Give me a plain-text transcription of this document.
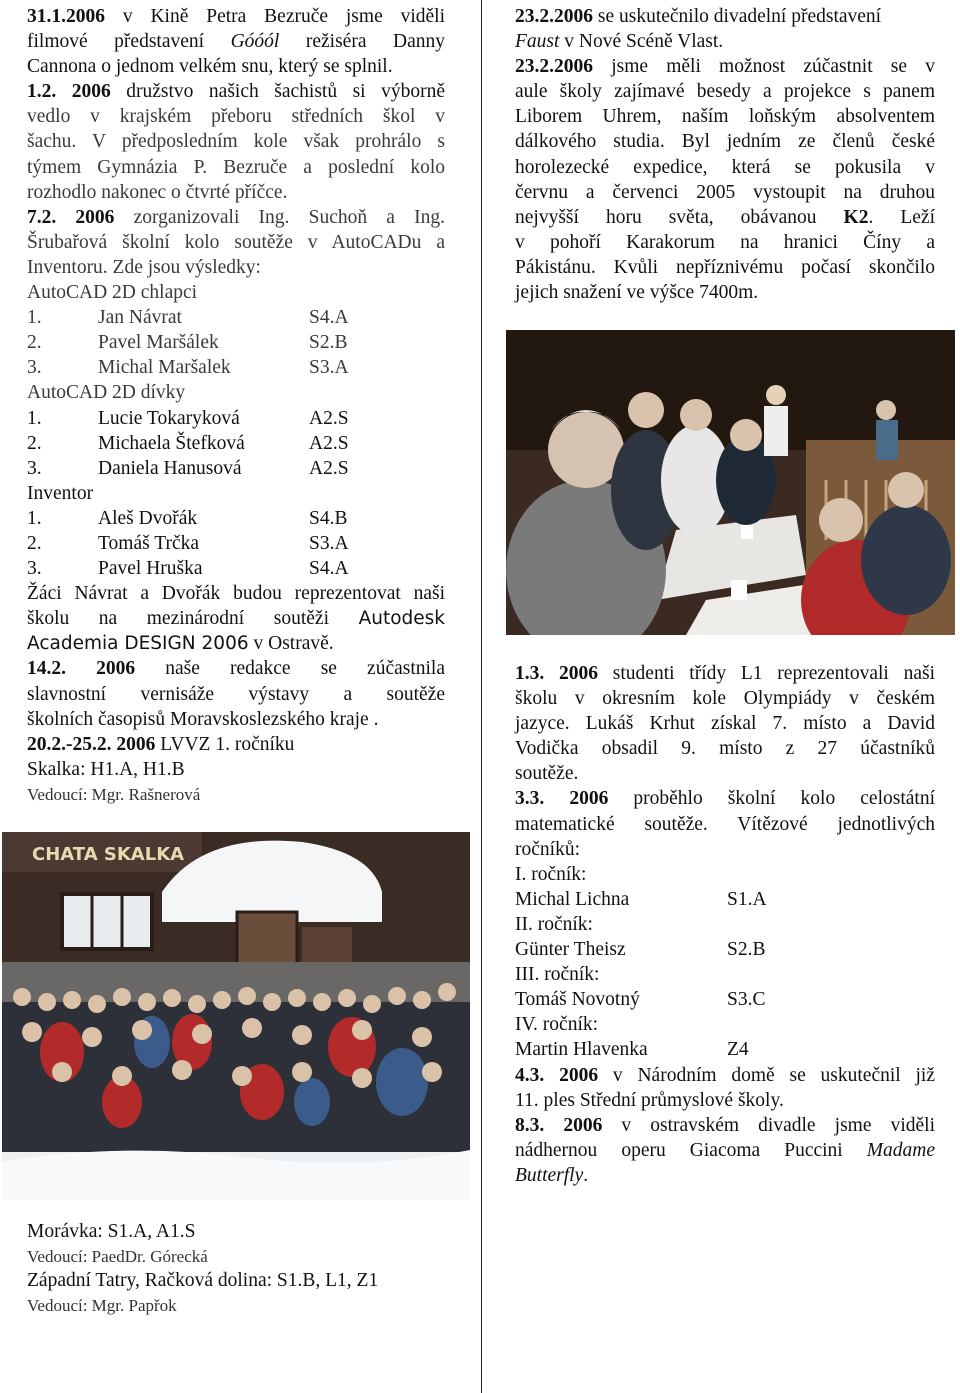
31.1.2006 v Kině Petra Bezruče jsme viděli

filmové představení Góóól režiséra Danny

Cannona o jednom velkém snu, který se splnil.

1.2. 2006 družstvo našich šachistů si výborně

vedlo v krajském přeboru středních škol v

šachu. V předposledním kole však prohrálo s

týmem Gymnázia P. Bezruče a poslední kolo

rozhodlo nakonec o čtvrté příčce.

7.2. 2006 zorganizovali Ing. Suchoň a Ing.

Šrubařová školní kolo soutěže v AutoCADu a

Inventoru. Zde jsou výsledky:

AutoCAD 2D chlapci

1.	Jan Návrat	S4.A
2.	Pavel Maršálek	S2.B
3.	Michal Maršalek	S3.A

AutoCAD 2D dívky

1.	Lucie Tokaryková	A2.S
2.	Michaela Štefková	A2.S
3.	Daniela Hanusová	A2.S

Inventor

1.	Aleš Dvořák	S4.B
2.	Tomáš Trčka	S3.A
3.	Pavel Hruška	S4.A

Žáci Návrat a Dvořák budou reprezentovat naši

školu na mezinárodní soutěži Autodesk

Academia DESIGN 2006 v Ostravě.

14.2. 2006 naše redakce se zúčastnila

slavnostní vernisáže výstavy a soutěže

školních časopisů Moravskoslezského kraje .

20.2.-25.2. 2006 LVVZ 1. ročníku

Skalka: H1.A, H1.B

Vedoucí: Mgr. Rašnerová

CHATA SKALKA

Morávka: S1.A, A1.S

Vedoucí: PaedDr. Górecká

Západní Tatry, Račková dolina: S1.B, L1, Z1

Vedoucí: Mgr. Papřok

23.2.2006 se uskutečnilo divadelní představení

Faust v Nové Scéně Vlast.

23.2.2006 jsme měli možnost zúčastnit se v

aule školy zajímavé besedy a projekce s panem

Liborem Uhrem, naším loňským absolventem

dálkového studia. Byl jedním ze členů české

horolezecké expedice, která se pokusila v

červnu a červenci 2005 vystoupit na druhou

nejvyšší horu světa, obávanou K2. Leží

v pohoří Karakorum na hranici Číny a

Pákistánu. Kvůli nepříznivému počasí skončilo

jejich snažení ve výšce 7400m.

1.3. 2006 studenti třídy L1 reprezentovali naši

školu v okresním kole Olympiády v českém

jazyce. Lukáš Krhut získal 7. místo a David

Vodička obsadil 9. místo z 27 účastníků

soutěže.

3.3. 2006 proběhlo školní kolo celostátní

matematické soutěže. Vítězové jednotlivých

ročníků:

I. ročník:

Michal Lichna	S1.A

II. ročník:

Günter Theisz	S2.B

III. ročník:

Tomáš Novotný	S3.C

IV. ročník:

Martin Hlavenka	Z4

4.3. 2006 v Národním domě se uskutečnil již

11. ples Střední průmyslové školy.

8.3. 2006 v ostravském divadle jsme viděli

nádhernou operu Giacoma Puccini Madame

Butterfly.
